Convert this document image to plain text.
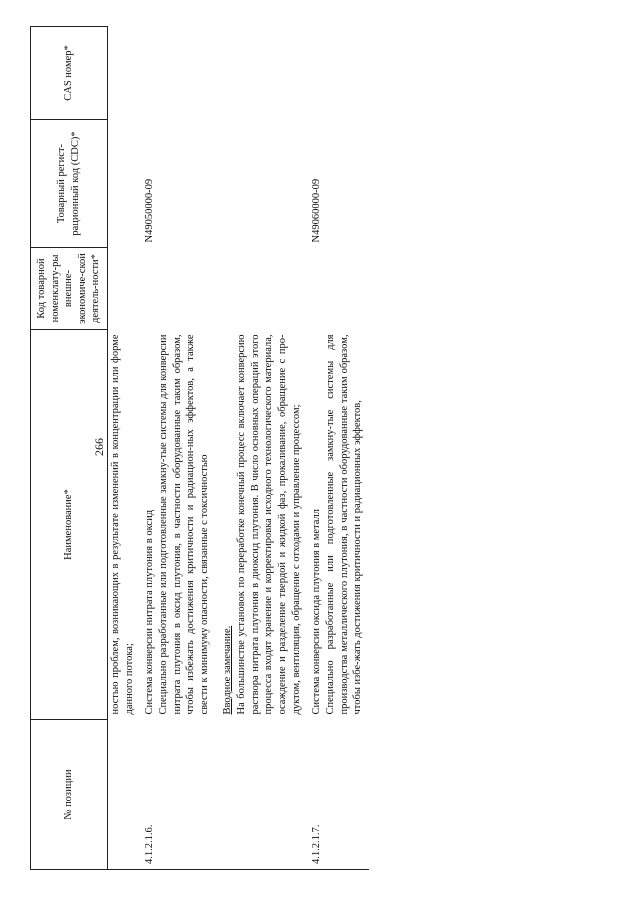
266
№ позиции	Наименование*	Код товарной номенклату-ры внешне-экономиче-ской деятель-ности*	Товарный регист-рационный код (CDC)*	CAS номер*

	ностью проблем, возникающих в результате изменений в концентрации или форме данного потока;			

4.1.2.1.6.	Система конверсии нитрата плутония в оксид Специально разработанные или подготовленные замкну-тые системы для конверсии нитрата плутония в оксид плутония, в частности оборудованные таким образом, чтобы избежать достижения критичности и радиацион-ных эффектов, а также свести к минимуму опасности, связанные с токсичностью Вводное замечание. На большинстве установок по переработке конечный процесс включает конверсию раствора нитрата плутония в диоксид плутония. В число основных операций этого процесса входят хранение и корректировка исходного технологического материала, осаждение и разделение твердой и жидкой фаз, прокаливание, обращение с про-дуктом, вентиляция, обращение с отходами и управление процессом;		N49050000-09	
4.1.2.1.7.	Система конверсии оксида плутония в металл Специально разработанные или подготовленные замкну-тые системы для производства металлического плутония, в частности оборудованные таким образом, чтобы избе-жать достижения критичности и радиационных эффектов,		N49060000-09	
